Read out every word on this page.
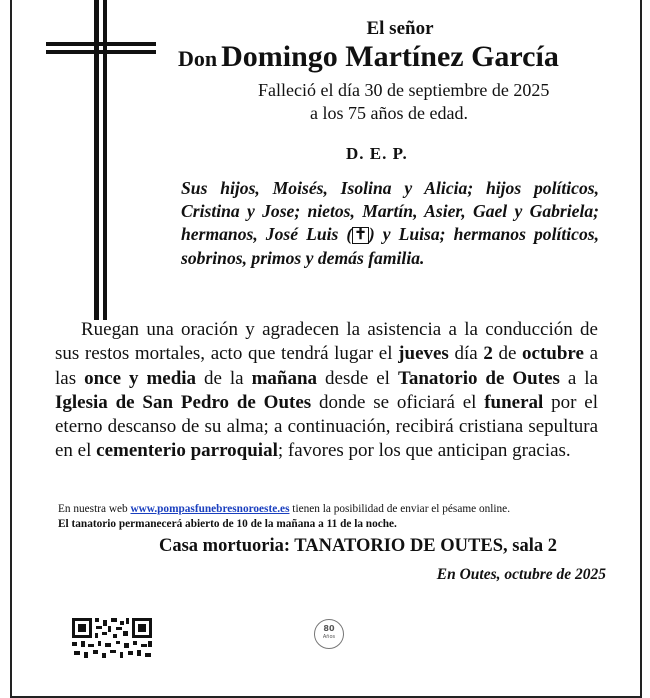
El señor
Don Domingo Martínez García
Falleció el día 30 de septiembre de 2025
a los 75 años de edad.
D. E. P.
Sus hijos, Moisés, Isolina y Alicia; hijos políticos, Cristina y Jose; nietos, Martín, Asier, Gael y Gabriela; hermanos, José Luis ( ✝ ) y Luisa; hermanos políticos, sobrinos, primos y demás familia.

Ruegan una oración y agradecen la asistencia a la conducción de sus restos mortales, acto que tendrá lugar el jueves día 2 de octubre a las once y media de la mañana desde el Tanatorio de Outes a la Iglesia de San Pedro de Outes donde se oficiará el funeral por el eterno descanso de su alma; a continuación, recibirá cristiana sepultura en el cementerio parroquial; favores por los que anticipan gracias.

En nuestra web www.pompasfunebresnoroeste.es tienen la posibilidad de enviar el pésame online.
El tanatorio permanecerá abierto de 10 de la mañana a 11 de la noche.
Casa mortuoria: TANATORIO DE OUTES, sala 2
En Outes, octubre de 2025
80
Años
